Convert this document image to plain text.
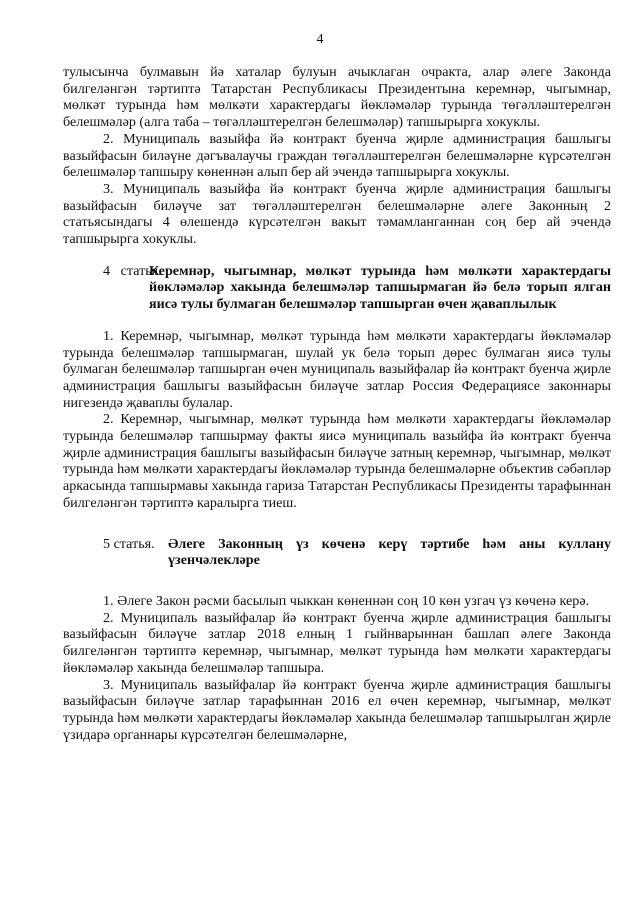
4

тулысынча булмавын йә хаталар булуын ачыклаган очракта, алар әлеге Законда билгеләнгән тәртиптә Татарстан Республикасы Президентына керемнәр, чыгымнар, мөлкәт турында һәм мөлкәти характердагы йөкләмәләр турында төгәлләштерелгән белешмәләр (алга таба – төгәлләштерелгән белешмәләр) тапшырырга хокуклы.

2. Муниципаль вазыйфа йә контракт буенча җирле администрация башлыгы вазыйфасын биләүне дәгъвалаучы граждан төгәлләштерелгән белешмәләрне күрсәтелгән белешмәләр тапшыру көненнән алып бер ай эчендә тапшырырга хокуклы.

3. Муниципаль вазыйфа йә контракт буенча җирле администрация башлыгы вазыйфасын биләүче зат төгәлләштерелгән белешмәләрне әлеге Законның 2 статьясындагы 4 өлешендә күрсәтелгән вакыт тәмамланганнан соң бер ай эчендә тапшырырга хокуклы.

4   статья.
Керемнәр, чыгымнар, мөлкәт турында һәм мөлкәти характердагы йөкләмәләр хакында белешмәләр тапшырмаган йә белә торып ялган яисә тулы булмаган белешмәләр тапшырган өчен җаваплылык

1. Керемнәр, чыгымнар, мөлкәт турында һәм мөлкәти характердагы йөкләмәләр турында белешмәләр тапшырмаган, шулай ук белә торып дөрес булмаган яисә тулы булмаган белешмәләр тапшырган өчен муниципаль вазыйфалар йә контракт буенча җирле администрация башлыгы вазыйфасын биләүче затлар Россия Федерациясе законнары нигезендә җаваплы булалар.

2. Керемнәр, чыгымнар, мөлкәт турында һәм мөлкәти характердагы йөкләмәләр турында белешмәләр тапшырмау факты яисә муниципаль вазыйфа йә контракт буенча җирле администрация башлыгы вазыйфасын биләүче затның керемнәр, чыгымнар, мөлкәт турында һәм мөлкәти характердагы йөкләмәләр турында белешмәләрне объектив сәбәпләр аркасында тапшырмавы хакында гариза Татарстан Республикасы Президенты тарафыннан билгеләнгән тәртиптә каралырга тиеш.

5 статья. Әлеге Законның үз көченә керү тәртибе һәм аны куллану үзенчәлекләре

1. Әлеге Закон рәсми басылып чыккан көненнән соң 10 көн узгач үз көченә керә.

2. Муниципаль вазыйфалар йә контракт буенча җирле администрация башлыгы вазыйфасын биләүче затлар 2018 елның 1 гыйнварыннан башлап әлеге Законда билгеләнгән тәртиптә керемнәр, чыгымнар, мөлкәт турында һәм мөлкәти характердагы йөкләмәләр хакында белешмәләр тапшыра.

3. Муниципаль вазыйфалар йә контракт буенча җирле администрация башлыгы вазыйфасын биләүче затлар тарафыннан 2016 ел өчен керемнәр, чыгымнар, мөлкәт турында һәм мөлкәти характердагы йөкләмәләр хакында белешмәләр тапшырылган җирле үзидарә органнары күрсәтелгән белешмәләрне,
